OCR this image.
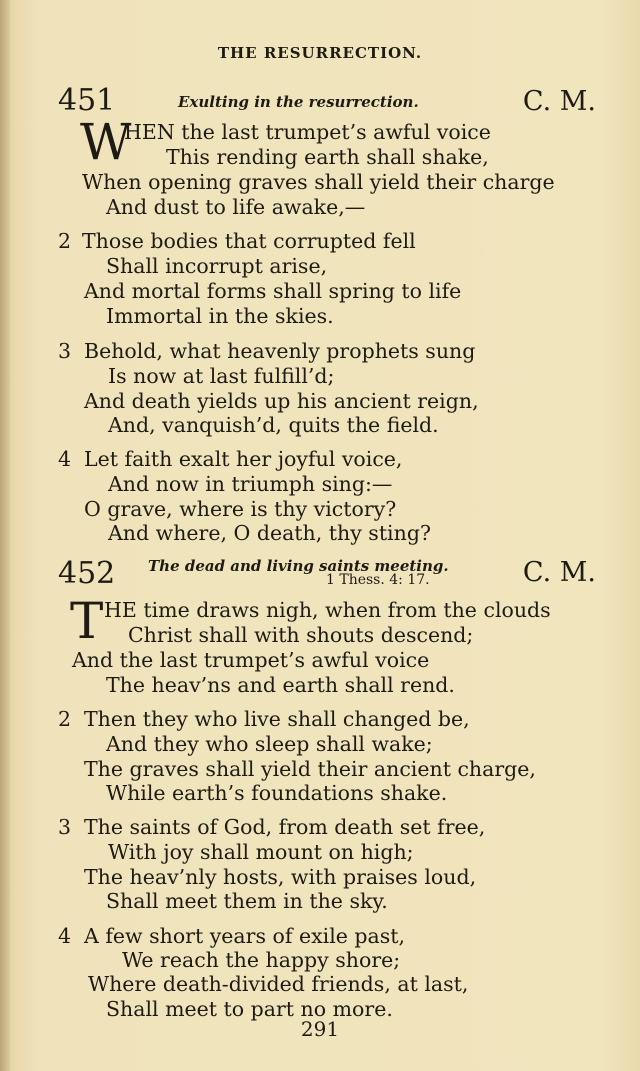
THE RESURRECTION.
451	Exulting in the resurrection.	C. M.
W
HEN the last trumpet’s awful voice
This rending earth shall shake,
When opening graves shall yield their charge
And dust to life awake,—
2 Those bodies that corrupted fell
Shall incorrupt arise,
And mortal forms shall spring to life
Immortal in the skies.
3 Behold, what heavenly prophets sung
Is now at last fulfill’d;
And death yields up his ancient reign,
And, vanquish’d, quits the field.
4 Let faith exalt her joyful voice,
And now in triumph sing:—
O grave, where is thy victory?
And where, O death, thy sting?
452 The dead and living saints meeting.
1 Thess. 4: 17.	C. M.
T HE time draws nigh, when from the clouds
Christ shall with shouts descend;
And the last trumpet’s awful voice
The heav’ns and earth shall rend.
2 Then they who live shall changed be,
And they who sleep shall wake;
The graves shall yield their ancient charge,
While earth’s foundations shake.
3 The saints of God, from death set free,
With joy shall mount on high;
The heav’nly hosts, with praises loud,
Shall meet them in the sky.
4 A few short years of exile past,
We reach the happy shore;
Where death-divided friends, at last,
Shall meet to part no more.
291
